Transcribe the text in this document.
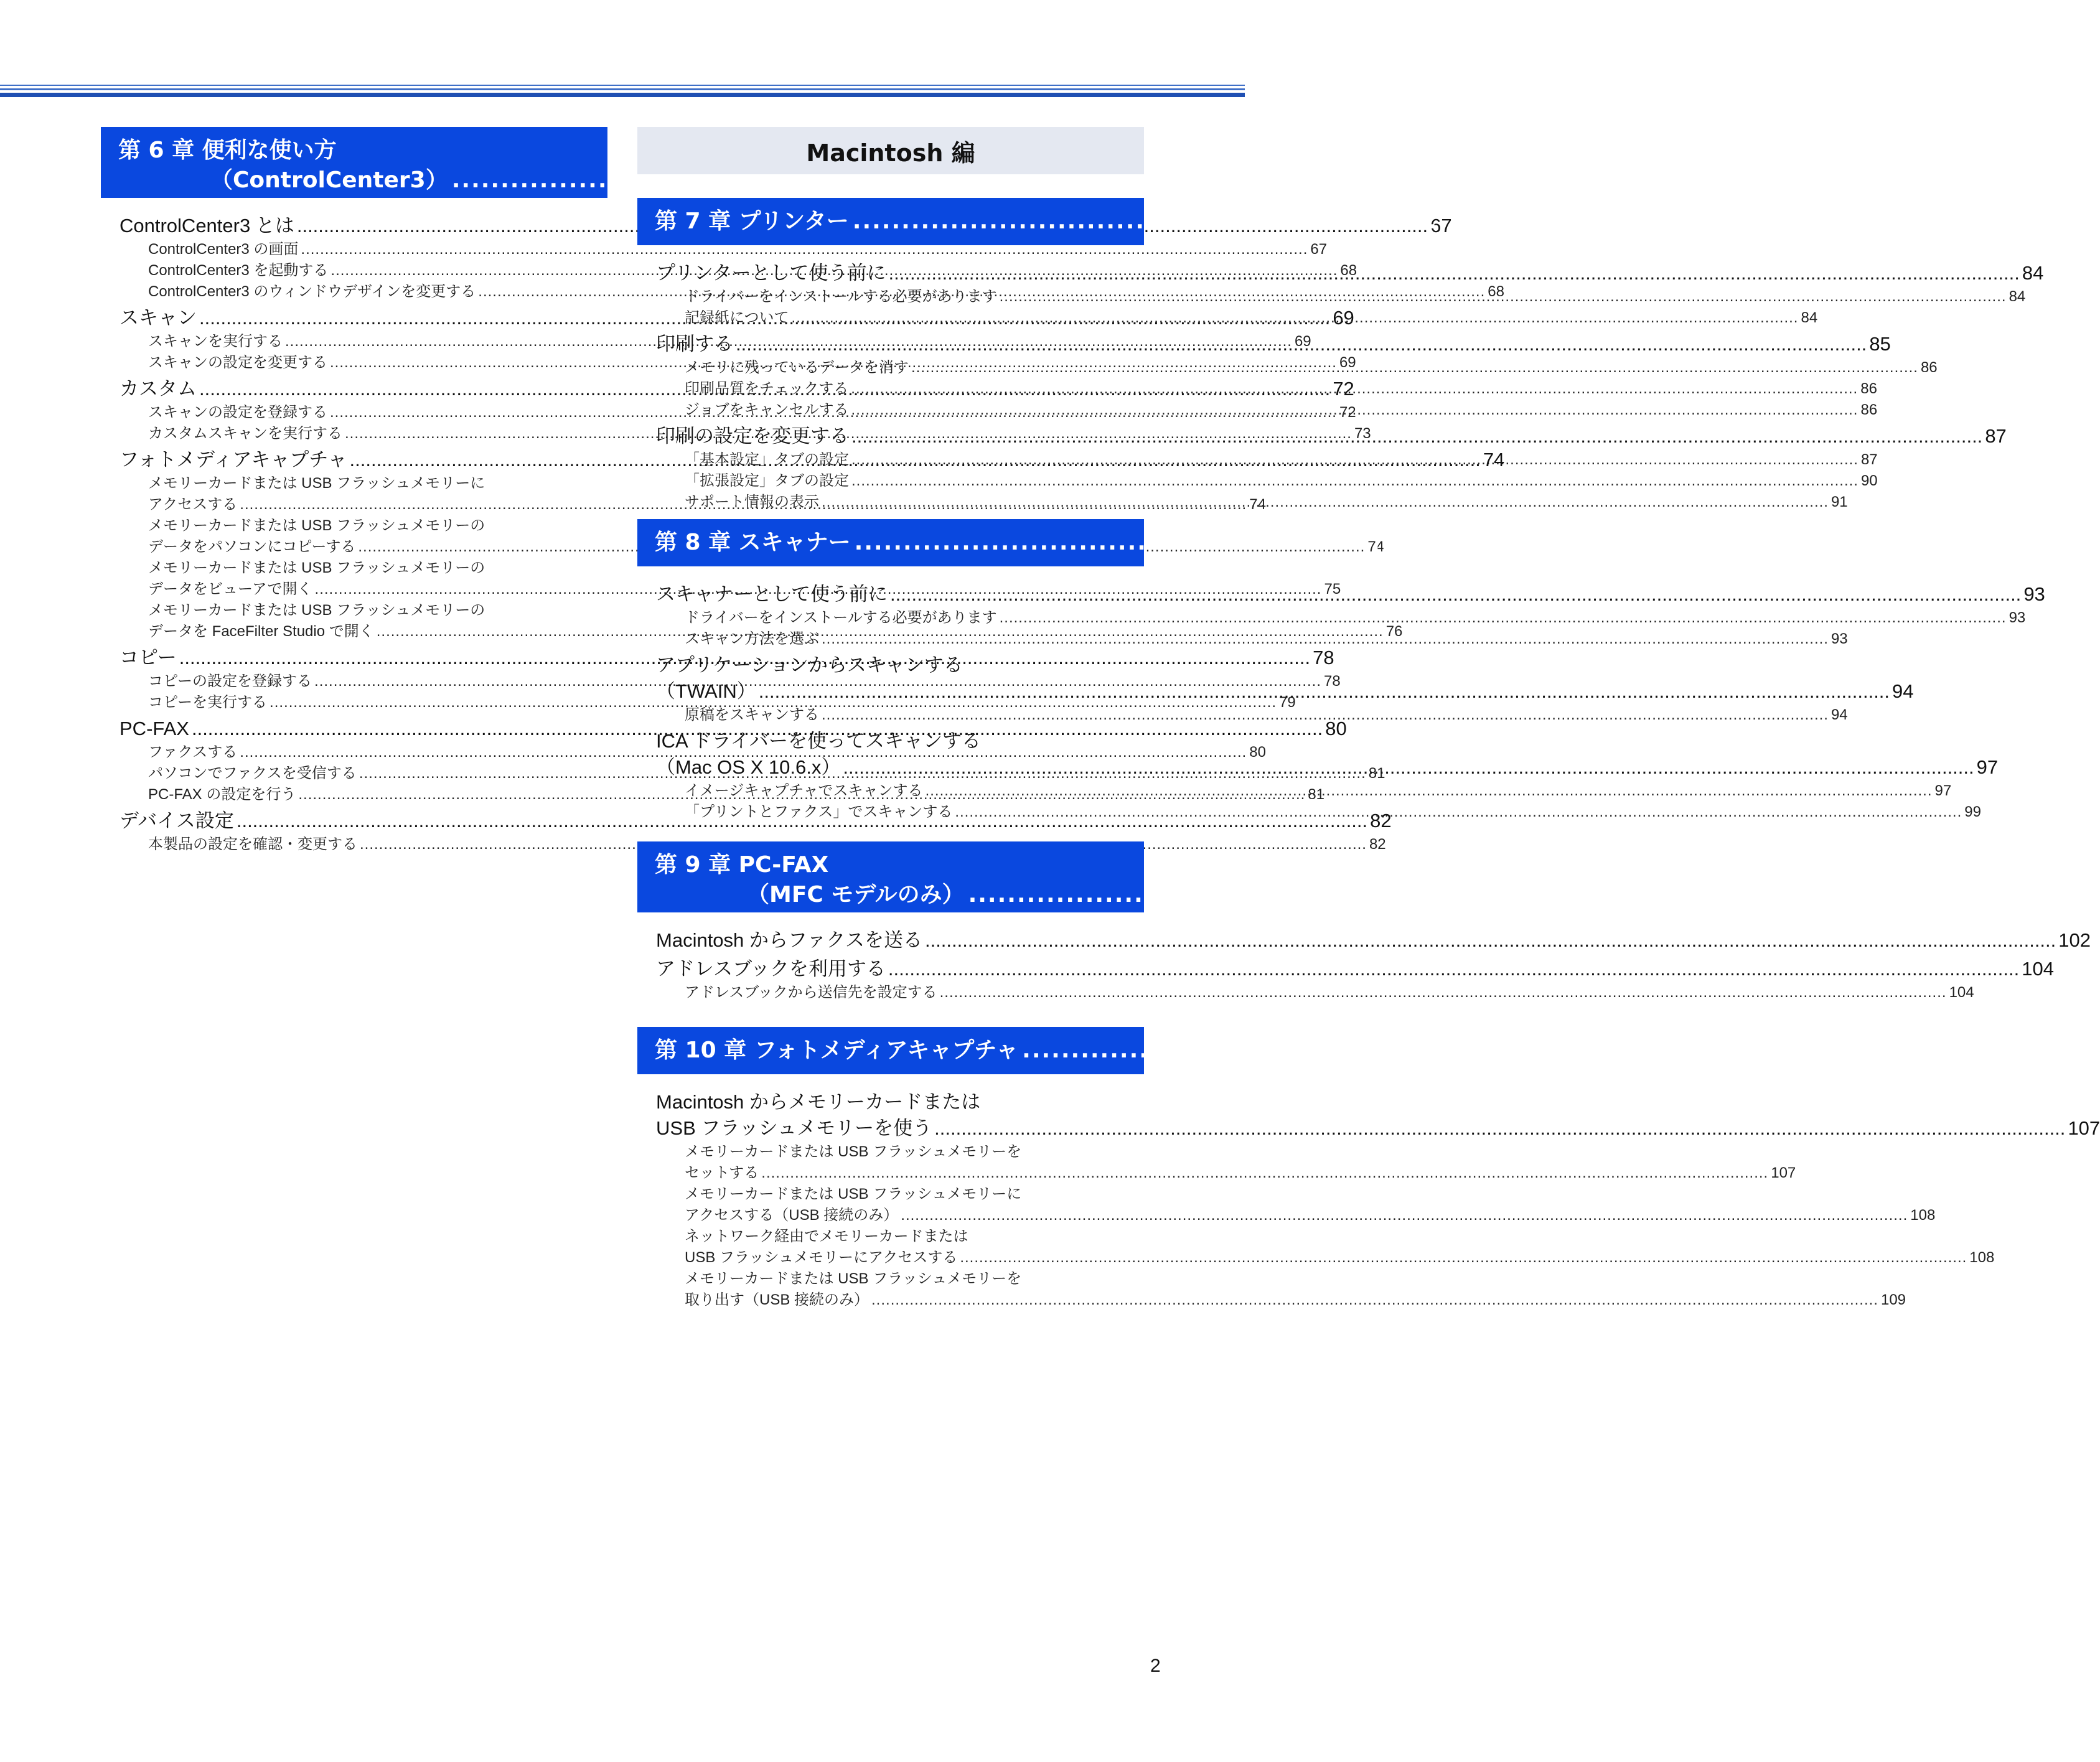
第 6 章 便利な使い方
（ControlCenter3） .....	66
ControlCenter3 とは .....	67
ControlCenter3 の画面 .....	67
ControlCenter3 を起動する .....	68
ControlCenter3 のウィンドウデザインを変更する .....	68
スキャン .....	69
スキャンを実行する .....	69
スキャンの設定を変更する .....	69
カスタム .....	72
スキャンの設定を登録する .....	72
カスタムスキャンを実行する .....	73
フォトメディアキャプチャ .....	74
メモリーカードまたは USB フラッシュメモリーに
アクセスする .....	74
メモリーカードまたは USB フラッシュメモリーの
データをパソコンにコピーする .....	74
メモリーカードまたは USB フラッシュメモリーの
データをビューアで開く .....	75
メモリーカードまたは USB フラッシュメモリーの
データを FaceFilter Studio で開く .....	76
コピー .....	78
コピーの設定を登録する .....	78
コピーを実行する .....	79
PC-FAX .....	80
ファクスする .....	80
パソコンでファクスを受信する .....	81
PC-FAX の設定を行う .....	81
デバイス設定 .....	82
本製品の設定を確認・変更する .....	82
Macintosh 編
第 7 章 プリンター .....	83
プリンターとして使う前に .....	84
ドライバーをインストールする必要があります .....	84
記録紙について .....	84
印刷する .....	85
メモリに残っているデータを消す .....	86
印刷品質をチェックする .....	86
ジョブをキャンセルする .....	86
印刷の設定を変更する .....	87
「基本設定」タブの設定 .....	87
「拡張設定」タブの設定 .....	90
サポート情報の表示 .....	91
第 8 章 スキャナー .....	92
スキャナーとして使う前に .....	93
ドライバーをインストールする必要があります .....	93
スキャン方法を選ぶ .....	93
アプリケーションからスキャンする
（TWAIN） .....	94
原稿をスキャンする .....	94
ICA ドライバーを使ってスキャンする
（Mac OS X 10.6.x） .....	97
イメージキャプチャでスキャンする .....	97
「プリントとファクス」でスキャンする .....	99
第 9 章 PC-FAX
（MFC モデルのみ） .....	101
Macintosh からファクスを送る .....	102
アドレスブックを利用する .....	104
アドレスブックから送信先を設定する .....	104
第 10 章 フォトメディアキャプチャ .....	106
Macintosh からメモリーカードまたは
USB フラッシュメモリーを使う .....	107
メモリーカードまたは USB フラッシュメモリーを
セットする .....	107
メモリーカードまたは USB フラッシュメモリーに
アクセスする（USB 接続のみ） .....	108
ネットワーク経由でメモリーカードまたは
USB フラッシュメモリーにアクセスする .....	108
メモリーカードまたは USB フラッシュメモリーを
取り出す（USB 接続のみ） .....	109
2
